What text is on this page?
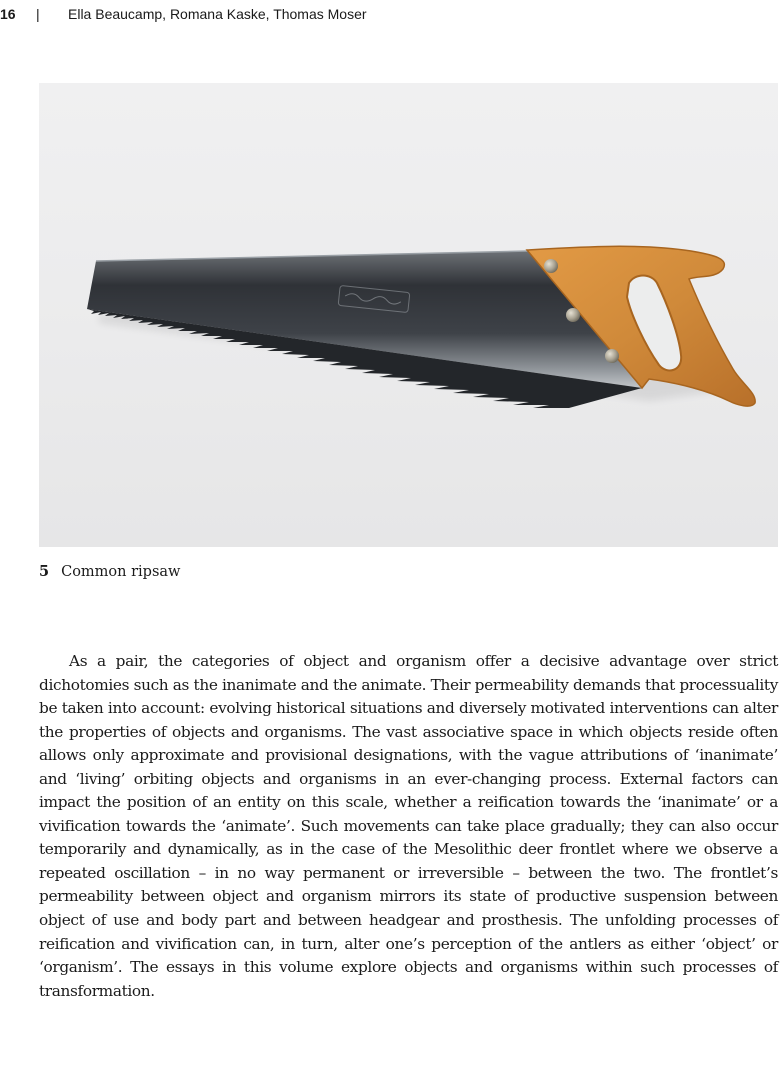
16 | Ella Beaucamp, Romana Kaske, Thomas Moser
5 Common ripsaw

As a pair, the categories of object and organism offer a decisive advantage over strict dichotomies such as the inanimate and the animate. Their permeability demands that processuality be taken into account: evolving historical situations and diversely motivated interventions can alter the properties of objects and organisms. The vast associative space in which objects reside often allows only approximate and provisional designations, with the vague attributions of ‘inanimate’ and ‘living’ orbiting objects and organisms in an ever-changing process. External factors can impact the position of an entity on this scale, whether a reification towards the ‘inanimate’ or a vivification towards the ‘animate’. Such movements can take place gradually; they can also occur temporarily and dynamically, as in the case of the Mesolithic deer frontlet where we observe a repeated oscillation – in no way permanent or irreversible – between the two. The frontlet’s permeability between object and organism mirrors its state of productive suspension between object of use and body part and between headgear and prosthesis. The unfolding processes of reification and vivification can, in turn, alter one’s perception of the antlers as either ‘object’ or ‘organism’. The essays in this volume explore objects and organisms within such processes of transformation.
